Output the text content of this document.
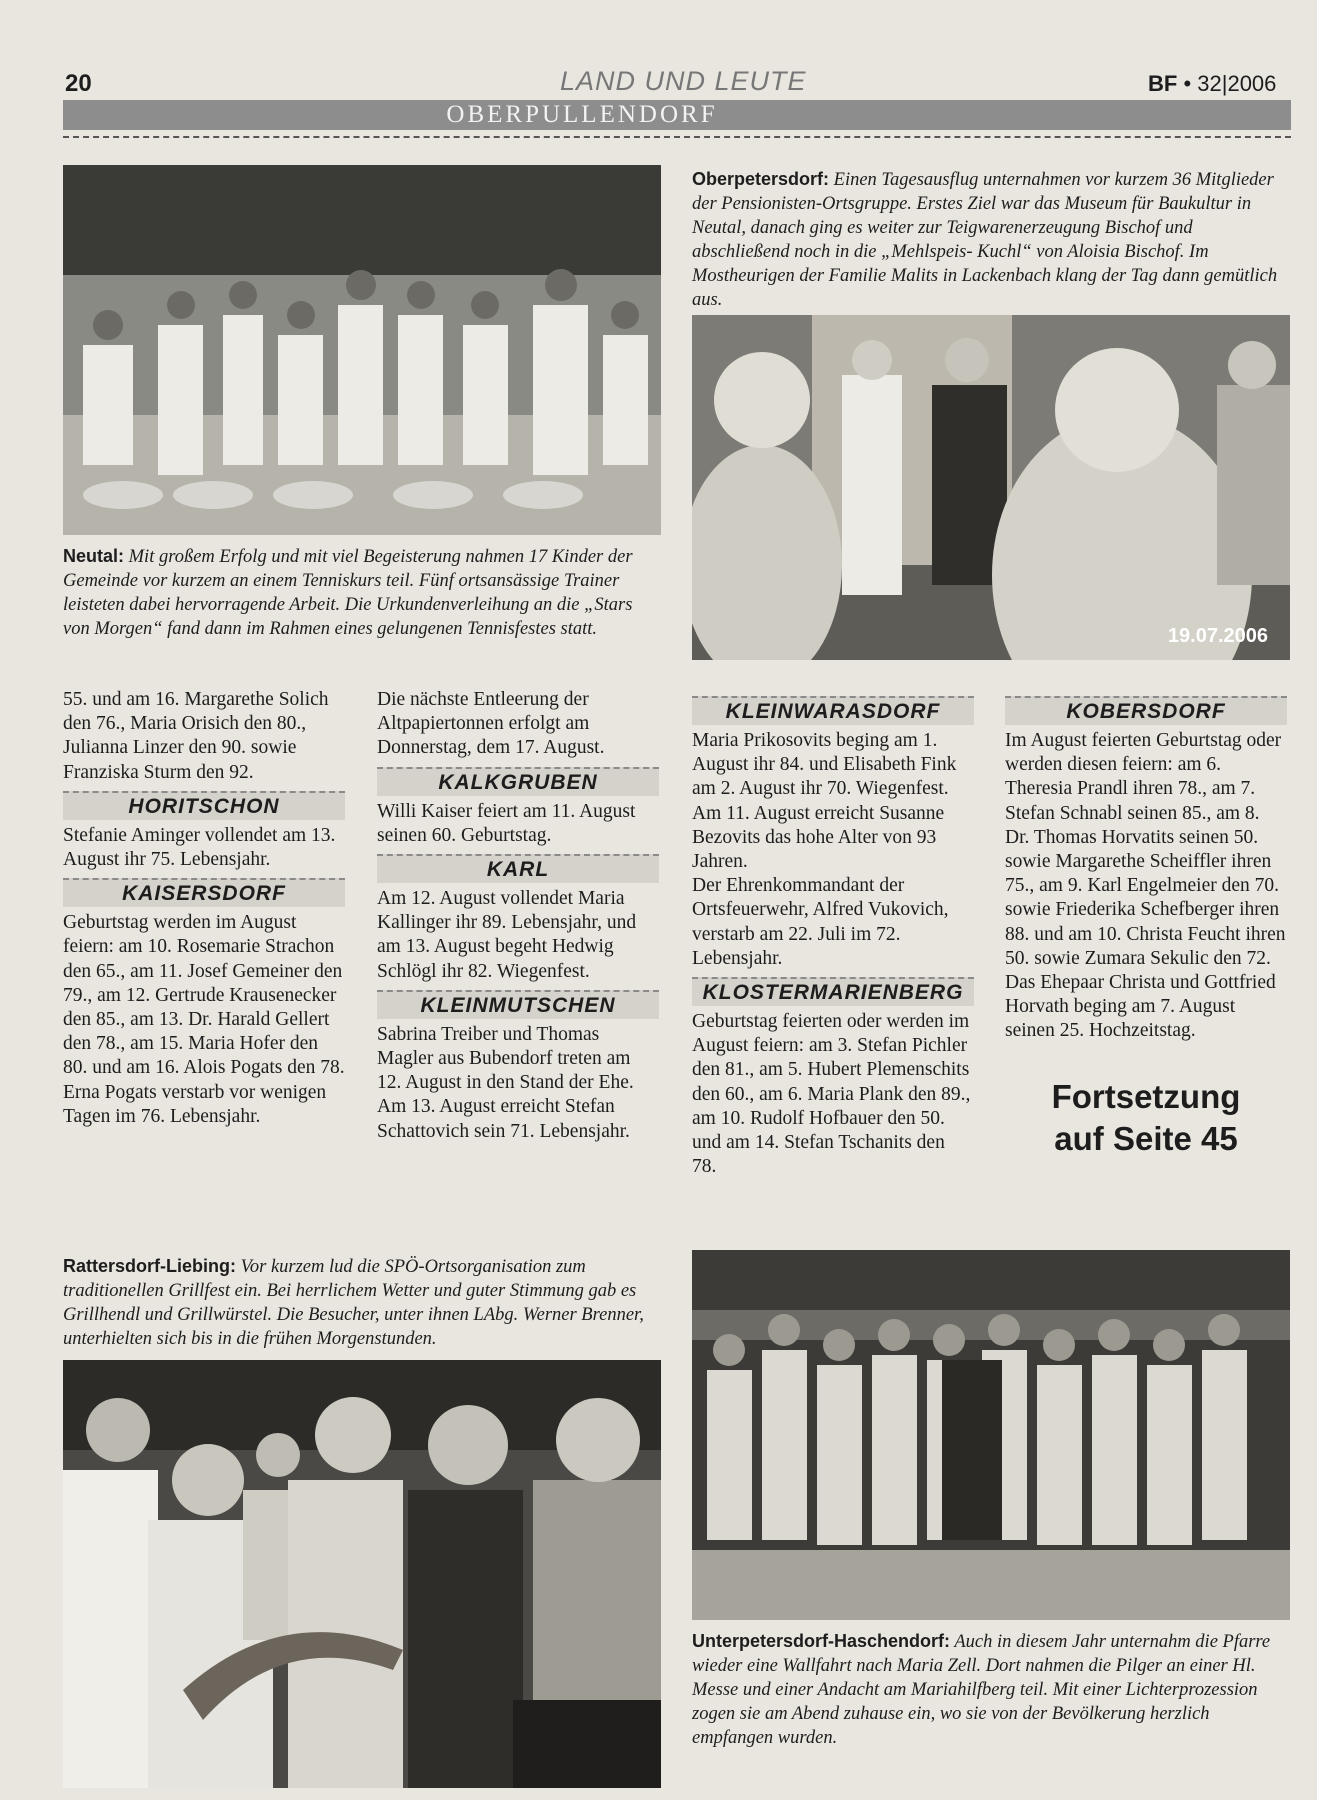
20	LAND UND LEUTE	BF • 32|2006
OBERPULLENDORF
Neutal: Mit großem Erfolg und mit viel Begeisterung nahmen 17 Kinder der Gemeinde vor kurzem an einem Tenniskurs teil. Fünf ortsansässige Trainer leisteten dabei hervorragende Arbeit. Die Urkundenverleihung an die „Stars von Morgen“ fand dann im Rahmen eines gelungenen Tennisfestes statt.
Oberpetersdorf: Einen Tagesausflug unternahmen vor kurzem 36 Mitglieder der Pensionisten-Ortsgruppe. Erstes Ziel war das Museum für Baukultur in Neutal, danach ging es weiter zur Teigwarenerzeugung Bischof und abschließend noch in die „Mehlspeis- Kuchl“ von Aloisia Bischof. Im Mostheurigen der Familie Malits in Lackenbach klang der Tag dann gemütlich aus.
19.07.2006

55. und am 16. Margarethe Solich den 76., Maria Orisich den 80., Julianna Linzer den 90. sowie Franziska Sturm den 92.

HORITSCHON

Stefanie Aminger vollendet am 13. August ihr 75. Lebensjahr.

KAISERSDORF

Geburtstag werden im August feiern: am 10. Rosemarie Strachon den 65., am 11. Josef Gemeiner den 79., am 12. Gertrude Krausenecker den 85., am 13. Dr. Harald Gellert den 78., am 15. Maria Hofer den 80. und am 16. Alois Pogats den 78.

Erna Pogats verstarb vor wenigen Tagen im 76. Lebensjahr.

Die nächste Entleerung der Altpapiertonnen erfolgt am Donnerstag, dem 17. August.

KALKGRUBEN

Willi Kaiser feiert am 11. August seinen 60. Geburtstag.

KARL

Am 12. August vollendet Maria Kallinger ihr 89. Lebensjahr, und am 13. August begeht Hedwig Schlögl ihr 82. Wiegenfest.

KLEINMUTSCHEN

Sabrina Treiber und Thomas Magler aus Bubendorf treten am 12. August in den Stand der Ehe.

Am 13. August erreicht Stefan Schattovich sein 71. Lebensjahr.

KLEINWARASDORF

Maria Prikosovits beging am 1. August ihr 84. und Elisabeth Fink am 2. August ihr 70. Wiegenfest.

Am 11. August erreicht Susanne Bezovits das hohe Alter von 93 Jahren.

Der Ehrenkommandant der Ortsfeuerwehr, Alfred Vukovich, verstarb am 22. Juli im 72. Lebensjahr.

KLOSTERMARIENBERG

Geburtstag feierten oder werden im August feiern: am 3. Stefan Pichler den 81., am 5. Hubert Plemenschits den 60., am 6. Maria Plank den 89., am 10. Rudolf Hofbauer den 50. und am 14. Stefan Tschanits den 78.

KOBERSDORF

Im August feierten Geburtstag oder werden diesen feiern: am 6. Theresia Prandl ihren 78., am 7. Stefan Schnabl seinen 85., am 8. Dr. Thomas Horvatits seinen 50. sowie Margarethe Scheiffler ihren 75., am 9. Karl Engelmeier den 70. sowie Friederika Schefberger ihren 88. und am 10. Christa Feucht ihren 50. sowie Zumara Sekulic den 72.

Das Ehepaar Christa und Gottfried Horvath beging am 7. August seinen 25. Hochzeitstag.

Fortsetzung
auf Seite 45
Rattersdorf-Liebing: Vor kurzem lud die SPÖ-Ortsorganisation zum traditionellen Grillfest ein. Bei herrlichem Wetter und guter Stimmung gab es Grillhendl und Grillwürstel. Die Besucher, unter ihnen LAbg. Werner Brenner, unterhielten sich bis in die frühen Morgenstunden.
Unterpetersdorf-Haschendorf: Auch in diesem Jahr unternahm die Pfarre wieder eine Wallfahrt nach Maria Zell. Dort nahmen die Pilger an einer Hl. Messe und einer Andacht am Mariahilfberg teil. Mit einer Lichterprozession zogen sie am Abend zuhause ein, wo sie von der Bevölkerung herzlich empfangen wurden.
